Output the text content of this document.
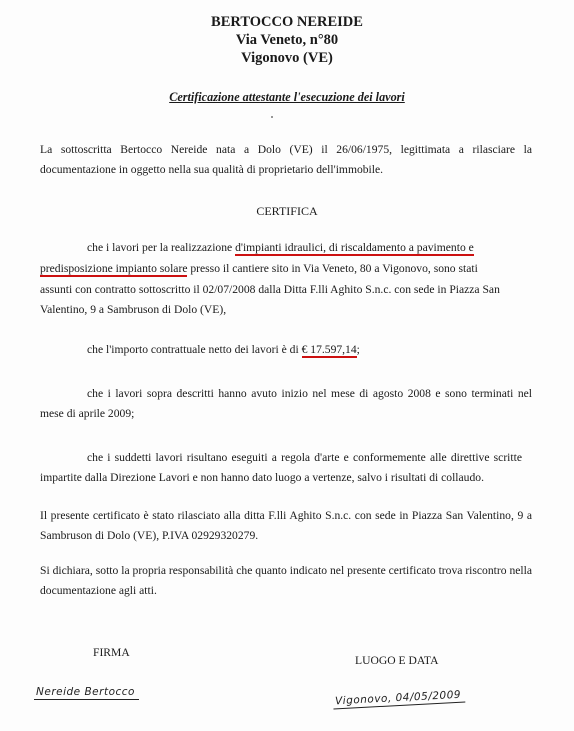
BERTOCCO NEREIDE
Via Veneto, n°80
Vigonovo (VE)
Certificazione attestante l'esecuzione dei lavori
La sottoscritta Bertocco Nereide nata a Dolo (VE) il 26/06/1975, legittimata a rilasciare la documentazione in oggetto nella sua qualità di proprietario dell'immobile.
CERTIFICA
che i lavori per la realizzazione d'impianti idraulici, di riscaldamento a pavimento e
predisposizione impianto solare presso il cantiere sito in Via Veneto, 80 a Vigonovo, sono stati
assunti con contratto sottoscritto il 02/07/2008 dalla Ditta F.lli Aghito S.n.c. con sede in Piazza San
Valentino, 9 a Sambruson di Dolo (VE),
che l'importo contrattuale netto dei lavori è di € 17.597,14;
che i lavori sopra descritti hanno avuto inizio nel mese di agosto 2008 e sono terminati nel mese di aprile 2009;
che i suddetti lavori risultano eseguiti a regola d'arte e conformemente alle direttive scritte impartite dalla Direzione Lavori e non hanno dato luogo a vertenze, salvo i risultati di collaudo.
Il presente certificato è stato rilasciato alla ditta F.lli Aghito S.n.c. con sede in Piazza San Valentino, 9 a Sambruson di Dolo (VE), P.IVA 02929320279.
Si dichiara, sotto la propria responsabilità che quanto indicato nel presente certificato trova riscontro nella documentazione agli atti.
FIRMA
LUOGO E DATA
Nereide Bertocco	Vigonovo, 04/05/2009
